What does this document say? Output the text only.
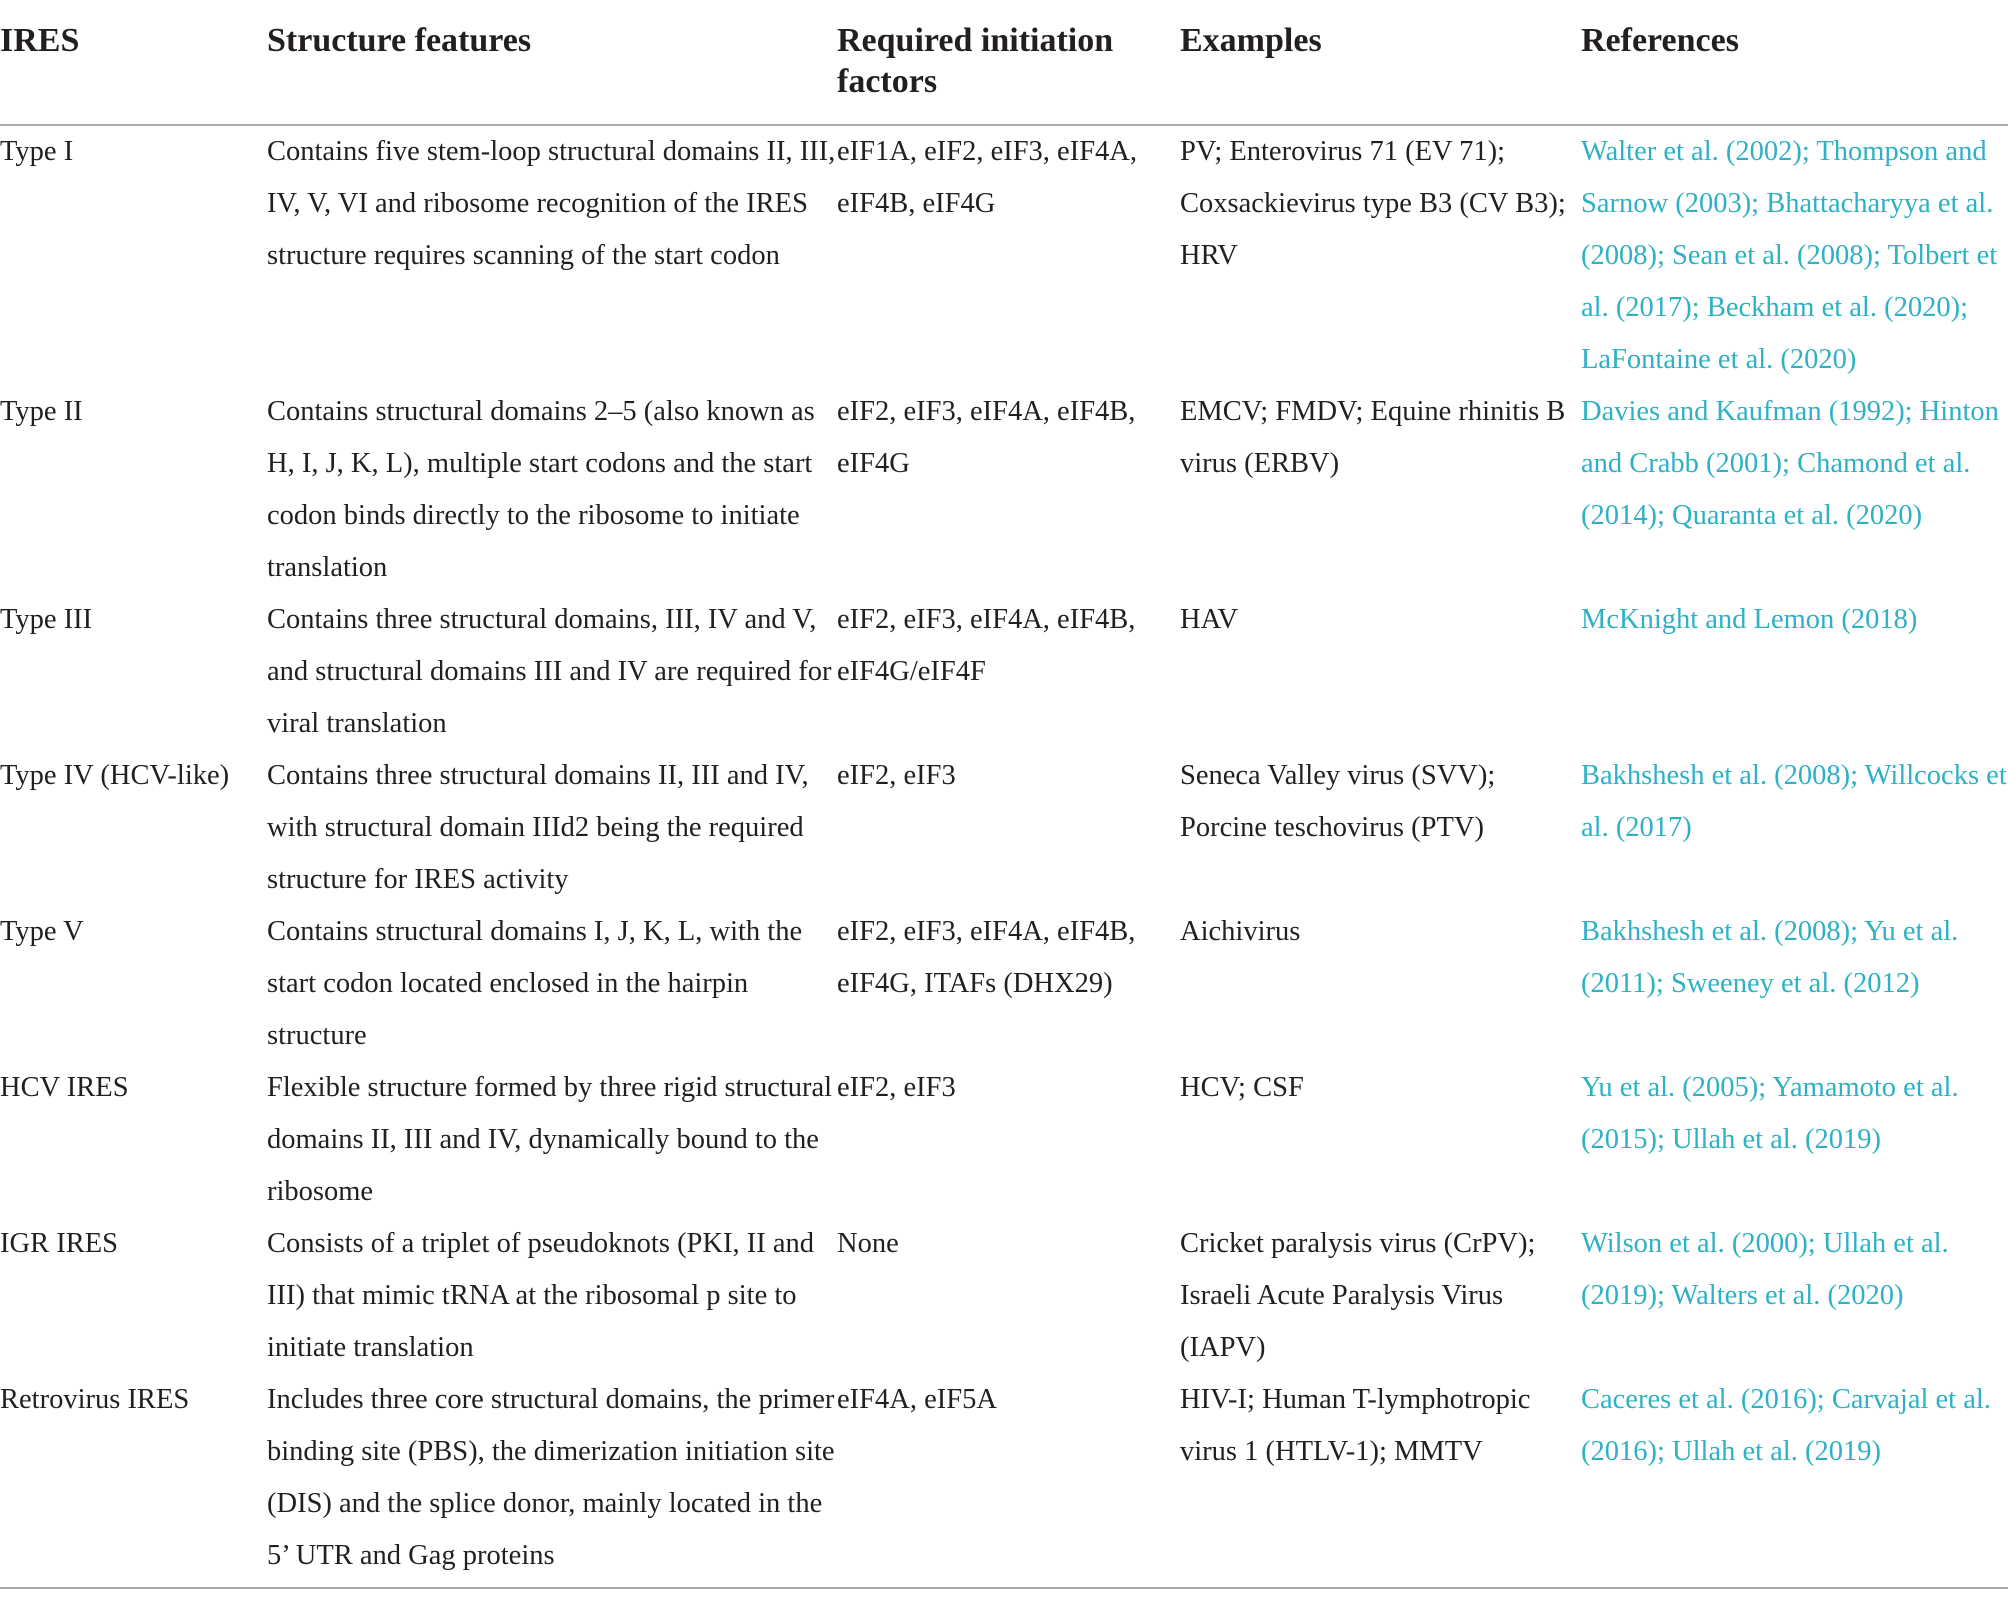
IRES	Structure features	Required initiation factors	Examples	References
Type I	Contains five stem-loop structural domains II, III, IV, V, VI and ribosome recognition of the IRES structure requires scanning of the start codon	eIF1A, eIF2, eIF3, eIF4A, eIF4B, eIF4G	PV; Enterovirus 71 (EV 71); Coxsackievirus type B3 (CV B3); HRV	Walter et al. (2002); Thompson and Sarnow (2003); Bhattacharyya et al. (2008); Sean et al. (2008); Tolbert et al. (2017); Beckham et al. (2020); LaFontaine et al. (2020)
Type II	Contains structural domains 2–5 (also known as H, I, J, K, L), multiple start codons and the start codon binds directly to the ribosome to initiate translation	eIF2, eIF3, eIF4A, eIF4B, eIF4G	EMCV; FMDV; Equine rhinitis B virus (ERBV)	Davies and Kaufman (1992); Hinton and Crabb (2001); Chamond et al. (2014); Quaranta et al. (2020)
Type III	Contains three structural domains, III, IV and V, and structural domains III and IV are required for viral translation	eIF2, eIF3, eIF4A, eIF4B, eIF4G/eIF4F	HAV	McKnight and Lemon (2018)
Type IV (HCV-like)	Contains three structural domains II, III and IV, with structural domain IIId2 being the required structure for IRES activity	eIF2, eIF3	Seneca Valley virus (SVV); Porcine teschovirus (PTV)	Bakhshesh et al. (2008); Willcocks et al. (2017)
Type V	Contains structural domains I, J, K, L, with the start codon located enclosed in the hairpin structure	eIF2, eIF3, eIF4A, eIF4B, eIF4G, ITAFs (DHX29)	Aichivirus	Bakhshesh et al. (2008); Yu et al. (2011); Sweeney et al. (2012)
HCV IRES	Flexible structure formed by three rigid structural domains II, III and IV, dynamically bound to the ribosome	eIF2, eIF3	HCV; CSF	Yu et al. (2005); Yamamoto et al. (2015); Ullah et al. (2019)
IGR IRES	Consists of a triplet of pseudoknots (PKI, II and III) that mimic tRNA at the ribosomal p site to initiate translation	None	Cricket paralysis virus (CrPV); Israeli Acute Paralysis Virus (IAPV)	Wilson et al. (2000); Ullah et al. (2019); Walters et al. (2020)
Retrovirus IRES	Includes three core structural domains, the primer binding site (PBS), the dimerization initiation site (DIS) and the splice donor, mainly located in the 5’ UTR and Gag proteins	eIF4A, eIF5A	HIV-I; Human T-lymphotropic virus 1 (HTLV-1); MMTV	Caceres et al. (2016); Carvajal et al. (2016); Ullah et al. (2019)
